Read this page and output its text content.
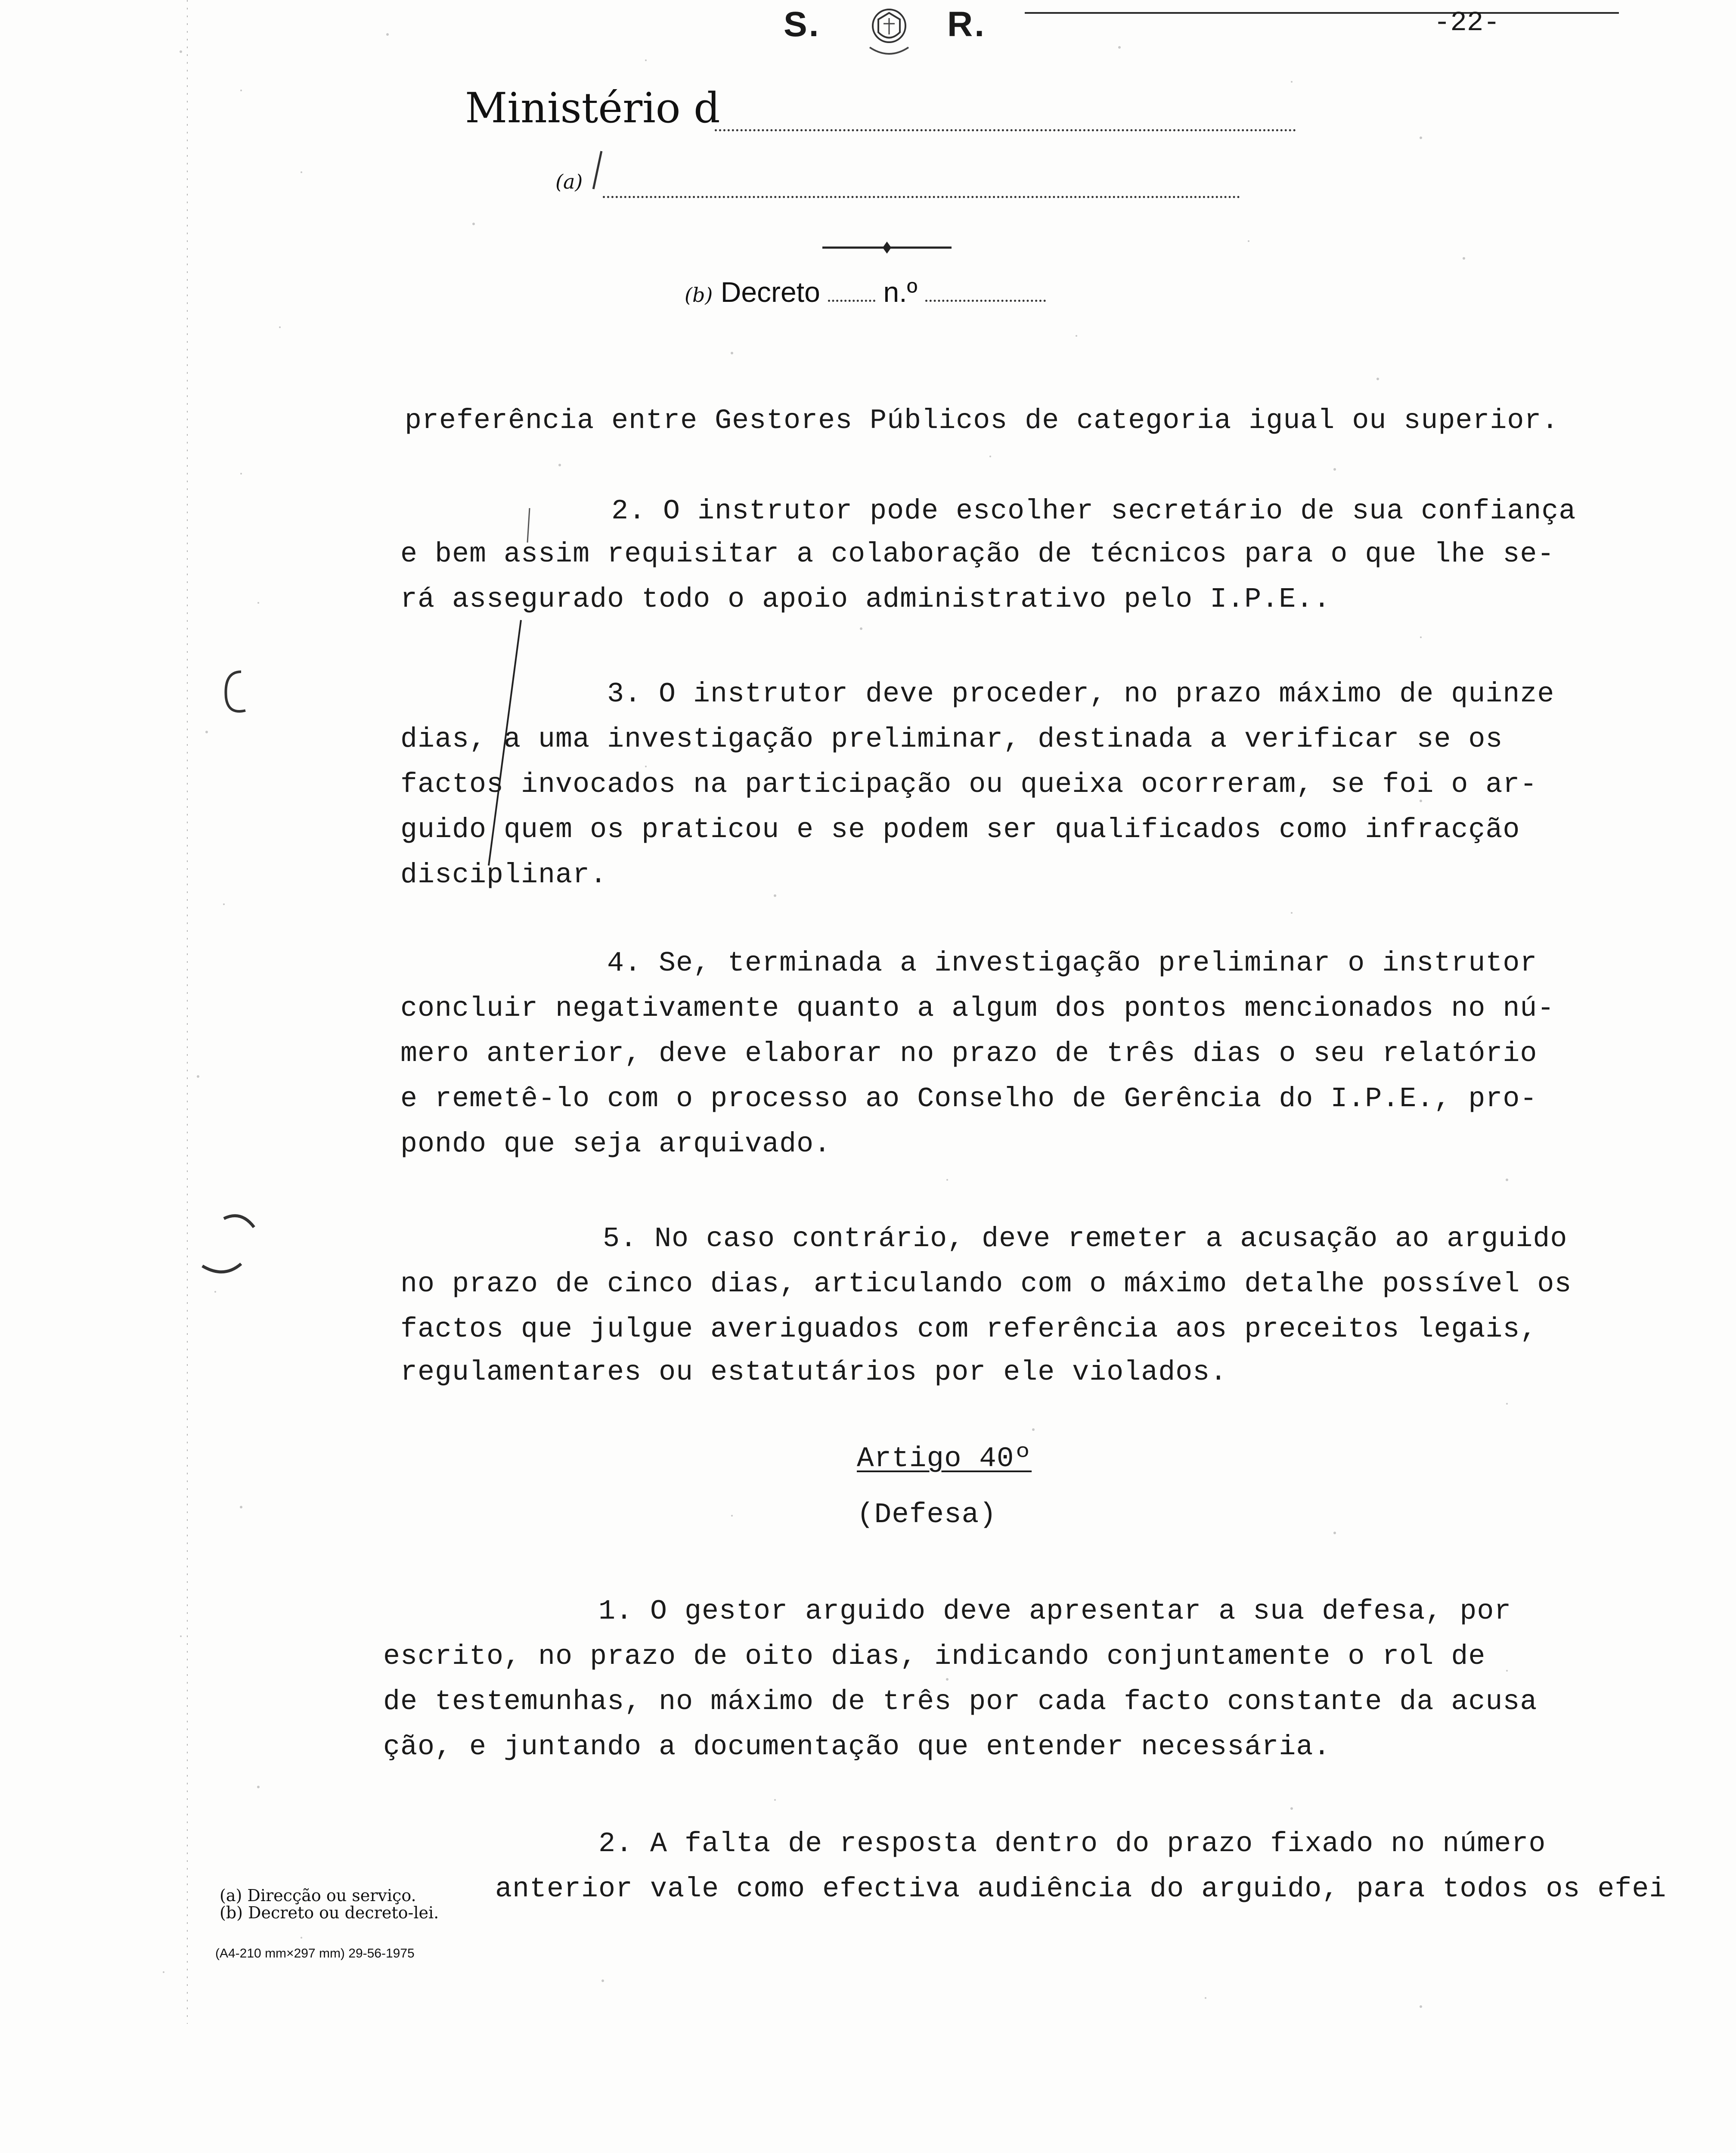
S.	R.	-22-
Ministério d
(a)
(b) Decreto n.º
preferência entre Gestores Públicos de categoria igual ou superior.
2. O instrutor pode escolher secretário de sua confiança
e bem assim requisitar a colaboração de técnicos para o que lhe se-
rá assegurado todo o apoio administrativo pelo I.P.E..
3. O instrutor deve proceder, no prazo máximo de quinze
dias, a uma investigação preliminar, destinada a verificar se os
factos invocados na participação ou queixa ocorreram, se foi o ar-
guido quem os praticou e se podem ser qualificados como infracção
disciplinar.
4. Se, terminada a investigação preliminar o instrutor
concluir negativamente quanto a algum dos pontos mencionados no nú-
mero anterior, deve elaborar no prazo de três dias o seu relatório
e remetê-lo com o processo ao Conselho de Gerência do I.P.E., pro-
pondo que seja arquivado.
5. No caso contrário, deve remeter a acusação ao arguido
no prazo de cinco dias, articulando com o máximo detalhe possível os
factos que julgue averiguados com referência aos preceitos legais,
regulamentares ou estatutários por ele violados.
Artigo 40º
(Defesa)
1. O gestor arguido deve apresentar a sua defesa, por
escrito, no prazo de oito dias, indicando conjuntamente o rol de
de testemunhas, no máximo de três por cada facto constante da acusa
ção, e juntando a documentação que entender necessária.
2. A falta de resposta dentro do prazo fixado no número
anterior vale como efectiva audiência do arguido, para todos os efei
(a) Direcção ou serviço.
(b) Decreto ou decreto-lei.
(A4-210 mm×297 mm) 29-56-1975
